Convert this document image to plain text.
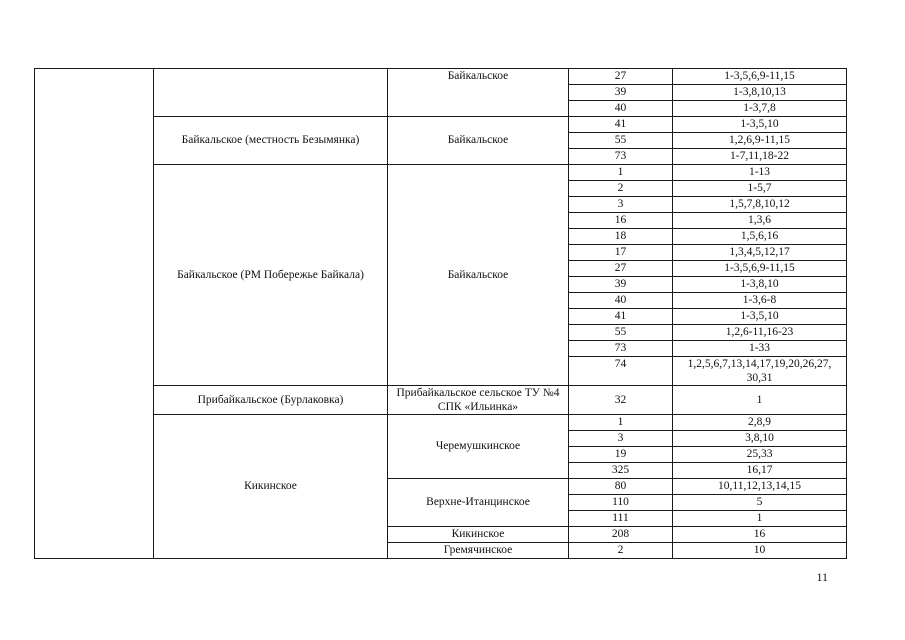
		Байкальское	27	1-3,5,6,9-11,15
			39	1-3,8,10,13
			40	1-3,7,8
	Байкальское (местность Безымянка)	Байкальское	41	1-3,5,10
			55	1,2,6,9-11,15
			73	1-7,11,18-22
	Байкальское (РМ Побережье Байкала)	Байкальское	1	1-13
			2	1-5,7
			3	1,5,7,8,10,12
			16	1,3,6
			18	1,5,6,16
			17	1,3,4,5,12,17
			27	1-3,5,6,9-11,15
			39	1-3,8,10
			40	1-3,6-8
			41	1-3,5,10
			55	1,2,6-11,16-23
			73	1-33
			74	1,2,5,6,7,13,14,17,19,20,26,27, 30,31
	Прибайкальское (Бурлаковка)	Прибайкальское сельское ТУ №4 СПК «Ильинка»	32	1
	Кикинское	Черемушкинское	1	2,8,9
			3	3,8,10
			19	25,33
			325	16,17
		Верхне-Итанцинское	80	10,11,12,13,14,15
			110	5
			111	1
		Кикинское	208	16
		Гремячинское	2	10
11
